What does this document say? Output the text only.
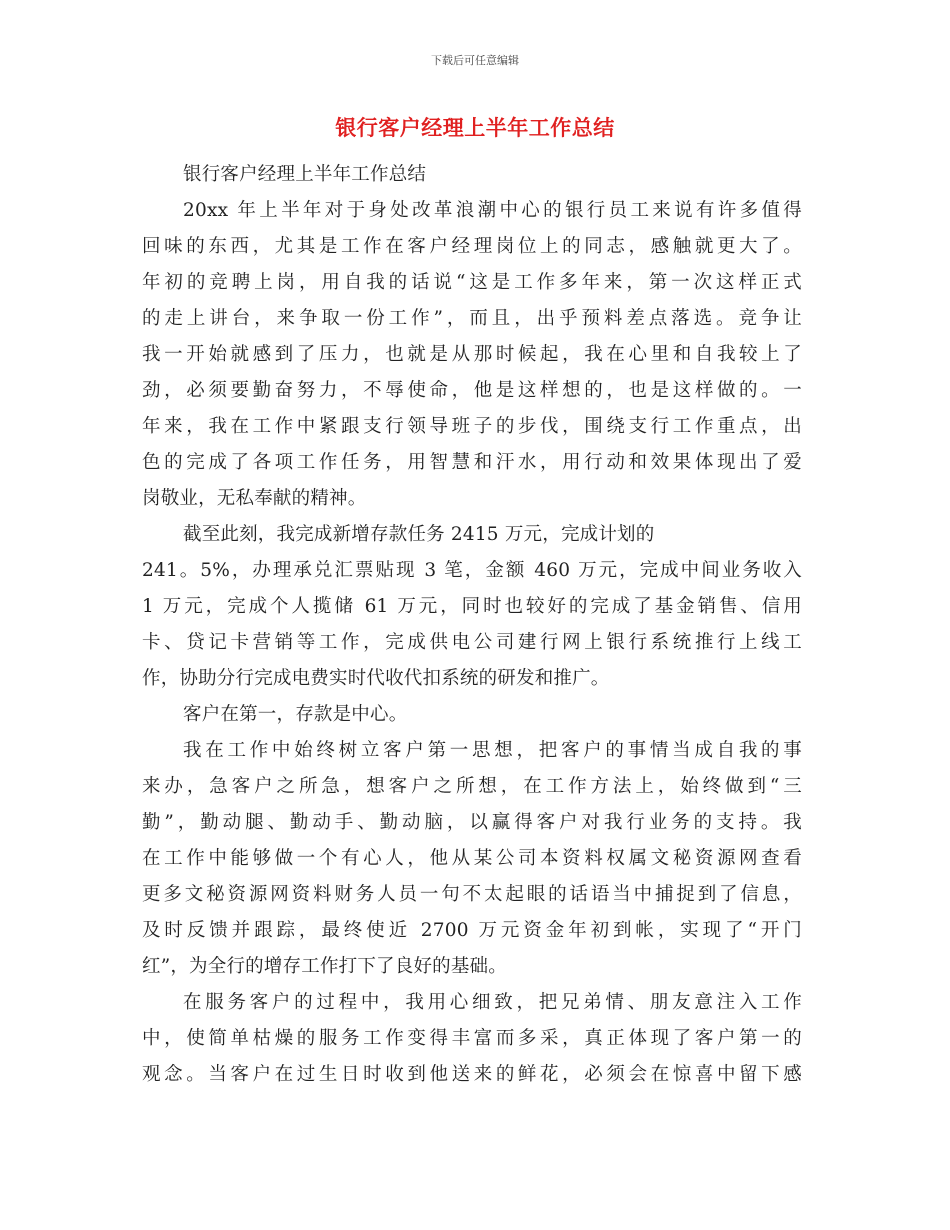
下载后可任意编辑
银行客户经理上半年工作总结
银行客户经理上半年工作总结
20xx 年上半年对于身处改革浪潮中心的银行员工来说有许多值得
回味的东西，尤其是工作在客户经理岗位上的同志，感触就更大了。
年初的竞聘上岗，用自我的话说“这是工作多年来，第一次这样正式
的走上讲台，来争取一份工作”，而且，出乎预料差点落选。竞争让
我一开始就感到了压力，也就是从那时候起，我在心里和自我较上了
劲，必须要勤奋努力，不辱使命，他是这样想的，也是这样做的。一
年来，我在工作中紧跟支行领导班子的步伐，围绕支行工作重点，出
色的完成了各项工作任务，用智慧和汗水，用行动和效果体现出了爱
岗敬业，无私奉献的精神。
截至此刻，我完成新增存款任务 2415 万元，完成计划的
241。5%，办理承兑汇票贴现 3 笔，金额 460 万元，完成中间业务收入
1 万元，完成个人揽储 61 万元，同时也较好的完成了基金销售、信用
卡、贷记卡营销等工作，完成供电公司建行网上银行系统推行上线工
作，协助分行完成电费实时代收代扣系统的研发和推广。
客户在第一，存款是中心。
我在工作中始终树立客户第一思想，把客户的事情当成自我的事
来办，急客户之所急，想客户之所想，在工作方法上，始终做到“三
勤”，勤动腿、勤动手、勤动脑，以赢得客户对我行业务的支持。我
在工作中能够做一个有心人，他从某公司本资料权属文秘资源网查看
更多文秘资源网资料财务人员一句不太起眼的话语当中捕捉到了信息，
及时反馈并跟踪，最终使近 2700 万元资金年初到帐，实现了“开门
红”，为全行的增存工作打下了良好的基础。
在服务客户的过程中，我用心细致，把兄弟情、朋友意注入工作
中，使简单枯燥的服务工作变得丰富而多采，真正体现了客户第一的
观念。当客户在过生日时收到他送来的鲜花，必须会在惊喜中留下感
